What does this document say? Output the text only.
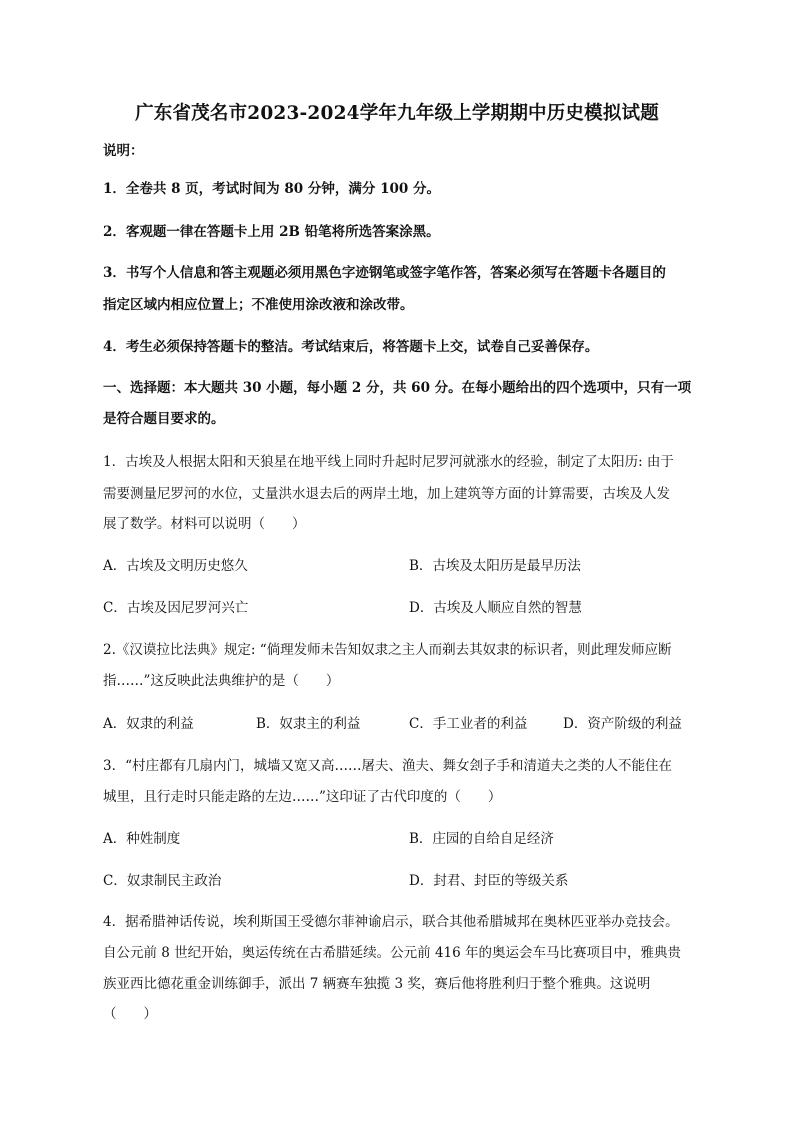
广东省茂名市2023-2024学年九年级上学期期中历史模拟试题
说明：
1．全卷共 8 页，考试时间为 80 分钟，满分 100 分。
2．客观题一律在答题卡上用 2B 铅笔将所选答案涂黑。
3．书写个人信息和答主观题必须用黑色字迹钢笔或签字笔作答，答案必须写在答题卡各题目的
指定区域内相应位置上；不准使用涂改液和涂改带。
4．考生必须保持答题卡的整洁。考试结束后，将答题卡上交，试卷自己妥善保存。
一、选择题：本大题共 30 小题，每小题 2 分，共 60 分。在每小题给出的四个选项中，只有一项
是符合题目要求的。
1．古埃及人根据太阳和天狼星在地平线上同时升起时尼罗河就涨水的经验，制定了太阳历: 由于
需要测量尼罗河的水位，丈量洪水退去后的两岸土地，加上建筑等方面的计算需要，古埃及人发
展了数学。材料可以说明（　　）
A．古埃及文明历史悠久	B．古埃及太阳历是最早历法
C．古埃及因尼罗河兴亡	D．古埃及人顺应自然的智慧
2.《汉谟拉比法典》规定: “倘理发师未告知奴隶之主人而剃去其奴隶的标识者，则此理发师应断
指……”这反映此法典维护的是（　　）
A．奴隶的利益	B．奴隶主的利益	C．手工业者的利益	D．资产阶级的利益
3．“村庄都有几扇内门，城墙又宽又高……屠夫、渔夫、舞女刽子手和清道夫之类的人不能住在
城里，且行走时只能走路的左边……”这印证了古代印度的（　　）
A．种姓制度	B．庄园的自给自足经济
C．奴隶制民主政治	D．封君、封臣的等级关系
4．据希腊神话传说，埃利斯国王受德尔菲神谕启示，联合其他希腊城邦在奥林匹亚举办竞技会。
自公元前 8 世纪开始，奥运传统在古希腊延续。公元前 416 年的奥运会车马比赛项目中，雅典贵
族亚西比德花重金训练御手，派出 7 辆赛车独揽 3 奖，赛后他将胜利归于整个雅典。这说明
（　　）
